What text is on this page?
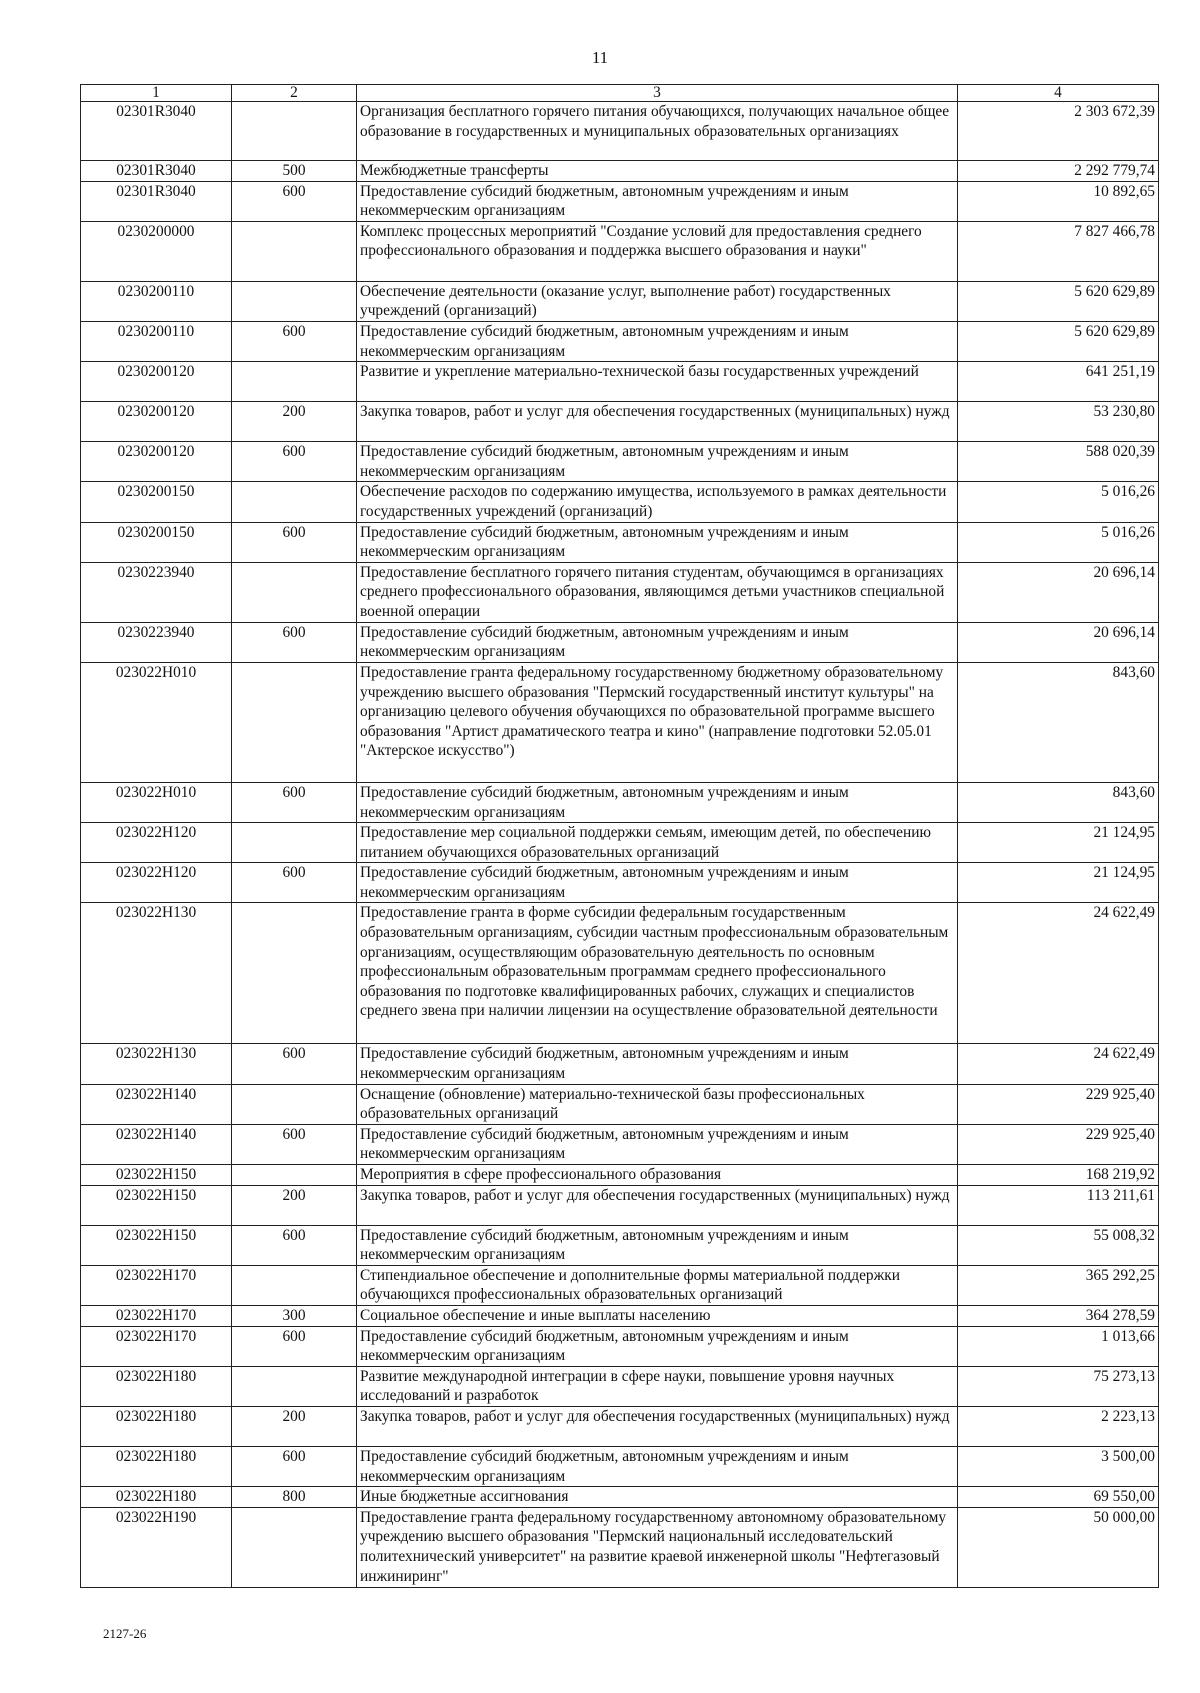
11
1	2	3	4
02301R3040		Организация бесплатного горячего питания обучающихся, получающих начальное общее образование в государственных и муниципальных образовательных организациях	2 303 672,39
02301R3040	500	Межбюджетные трансферты	2 292 779,74
02301R3040	600	Предоставление субсидий бюджетным, автономным учреждениям и иным некоммерческим организациям	10 892,65
0230200000		Комплекс процессных мероприятий "Создание условий для предоставления среднего профессионального образования и поддержка высшего образования и науки"	7 827 466,78
0230200110		Обеспечение деятельности (оказание услуг, выполнение работ) государственных учреждений (организаций)	5 620 629,89
0230200110	600	Предоставление субсидий бюджетным, автономным учреждениям и иным некоммерческим организациям	5 620 629,89
0230200120		Развитие и укрепление материально-технической базы государственных учреждений	641 251,19
0230200120	200	Закупка товаров, работ и услуг для обеспечения государственных (муниципальных) нужд	53 230,80
0230200120	600	Предоставление субсидий бюджетным, автономным учреждениям и иным некоммерческим организациям	588 020,39
0230200150		Обеспечение расходов по содержанию имущества, используемого в рамках деятельности государственных учреждений (организаций)	5 016,26
0230200150	600	Предоставление субсидий бюджетным, автономным учреждениям и иным некоммерческим организациям	5 016,26
0230223940		Предоставление бесплатного горячего питания студентам, обучающимся в организациях среднего профессионального образования, являющимся детьми участников специальной военной операции	20 696,14
0230223940	600	Предоставление субсидий бюджетным, автономным учреждениям и иным некоммерческим организациям	20 696,14
023022Н010		Предоставление гранта федеральному государственному бюджетному образовательному учреждению высшего образования "Пермский государственный институт культуры" на организацию целевого обучения обучающихся по образовательной программе высшего образования "Артист драматического театра и кино" (направление подготовки 52.05.01 "Актерское искусство")	843,60
023022Н010	600	Предоставление субсидий бюджетным, автономным учреждениям и иным некоммерческим организациям	843,60
023022Н120		Предоставление мер социальной поддержки семьям, имеющим детей, по обеспечению питанием обучающихся образовательных организаций	21 124,95
023022Н120	600	Предоставление субсидий бюджетным, автономным учреждениям и иным некоммерческим организациям	21 124,95
023022Н130		Предоставление гранта в форме субсидии федеральным государственным образовательным организациям, субсидии частным профессиональным образовательным организациям, осуществляющим образовательную деятельность по основным профессиональным образовательным программам среднего профессионального образования по подготовке квалифицированных рабочих, служащих и специалистов среднего звена при наличии лицензии на осуществление образовательной деятельности	24 622,49
023022Н130	600	Предоставление субсидий бюджетным, автономным учреждениям и иным некоммерческим организациям	24 622,49
023022Н140		Оснащение (обновление) материально-технической базы профессиональных образовательных организаций	229 925,40
023022Н140	600	Предоставление субсидий бюджетным, автономным учреждениям и иным некоммерческим организациям	229 925,40
023022Н150		Мероприятия в сфере профессионального образования	168 219,92
023022Н150	200	Закупка товаров, работ и услуг для обеспечения государственных (муниципальных) нужд	113 211,61
023022Н150	600	Предоставление субсидий бюджетным, автономным учреждениям и иным некоммерческим организациям	55 008,32
023022Н170		Стипендиальное обеспечение и дополнительные формы материальной поддержки обучающихся профессиональных образовательных организаций	365 292,25
023022Н170	300	Социальное обеспечение и иные выплаты населению	364 278,59
023022Н170	600	Предоставление субсидий бюджетным, автономным учреждениям и иным некоммерческим организациям	1 013,66
023022Н180		Развитие международной интеграции в сфере науки, повышение уровня научных исследований и разработок	75 273,13
023022Н180	200	Закупка товаров, работ и услуг для обеспечения государственных (муниципальных) нужд	2 223,13
023022Н180	600	Предоставление субсидий бюджетным, автономным учреждениям и иным некоммерческим организациям	3 500,00
023022Н180	800	Иные бюджетные ассигнования	69 550,00
023022Н190		Предоставление гранта федеральному государственному автономному образовательному учреждению высшего образования "Пермский национальный исследовательский политехнический университет" на развитие краевой инженерной школы "Нефтегазовый инжиниринг"	50 000,00
2127-26
